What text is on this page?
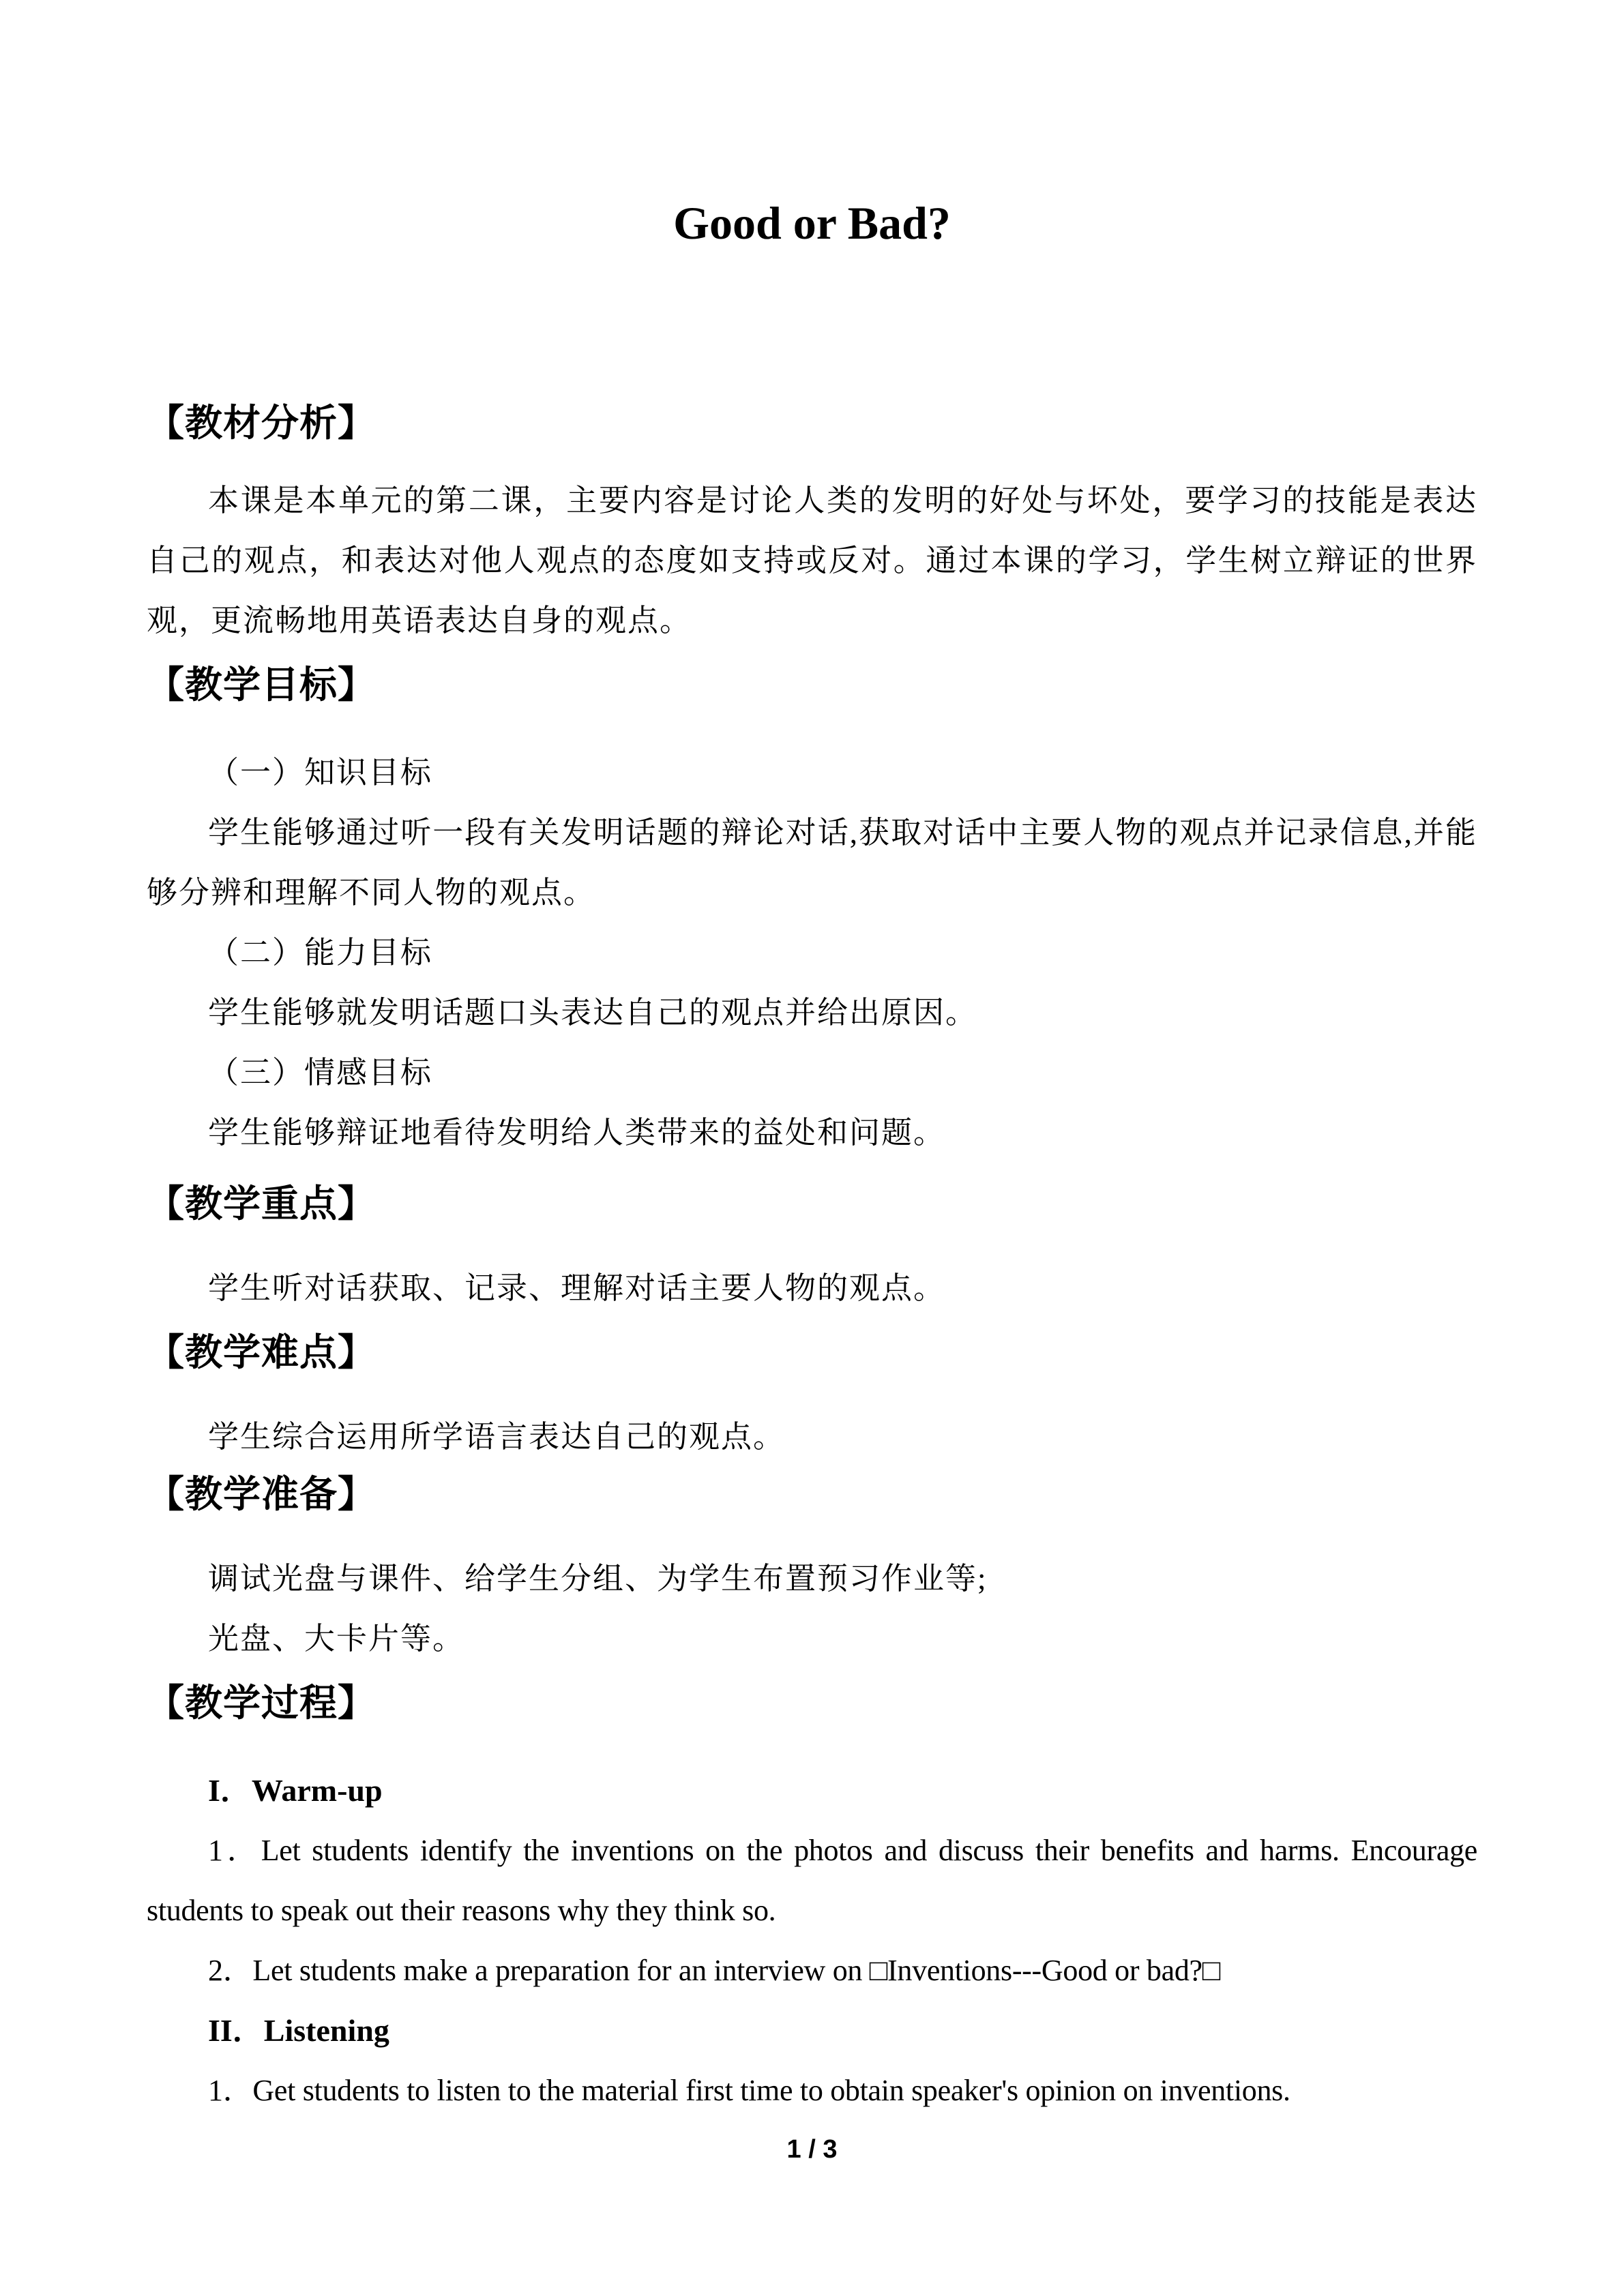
Good or Bad?
【教材分析】

本课是本单元的第二课，主要内容是讨论人类的发明的好处与坏处，要学习的技能是表达自己的观点，和表达对他人观点的态度如支持或反对。通过本课的学习，学生树立辩证的世界观，更流畅地用英语表达自身的观点。

【教学目标】
（一）知识目标

学生能够通过听一段有关发明话题的辩论对话,获取对话中主要人物的观点并记录信息,并能够分辨和理解不同人物的观点。

（二）能力目标

学生能够就发明话题口头表达自己的观点并给出原因。

（三）情感目标

学生能够辩证地看待发明给人类带来的益处和问题。

【教学重点】

学生听对话获取、记录、理解对话主要人物的观点。

【教学难点】

学生综合运用所学语言表达自己的观点。

【教学准备】

调试光盘与课件、给学生分组、为学生布置预习作业等;

光盘、大卡片等。

【教学过程】
I．Warm-up

1．Let students identify the inventions on the photos and discuss their benefits and harms. Encourage students to speak out their reasons why they think so.

2．Let students make a preparation for an interview on □Inventions---Good or bad?□

II．Listening

1．Get students to listen to the material first time to obtain speaker's opinion on inventions.

1 / 3
